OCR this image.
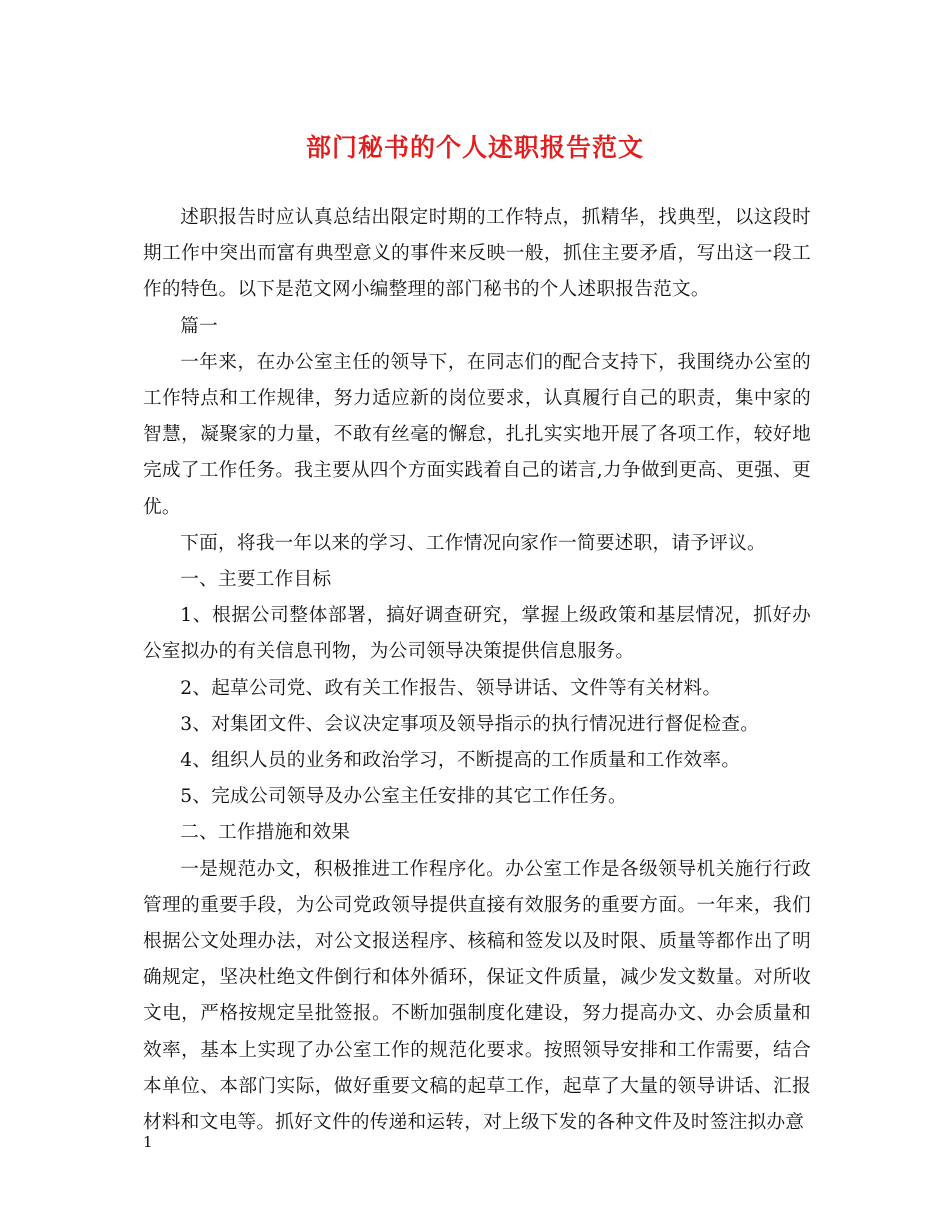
部门秘书的个人述职报告范文

述职报告时应认真总结出限定时期的工作特点，抓精华，找典型，以这段时期工作中突出而富有典型意义的事件来反映一般，抓住主要矛盾，写出这一段工作的特色。以下是范文网小编整理的部门秘书的个人述职报告范文。

篇一

一年来，在办公室主任的领导下，在同志们的配合支持下，我围绕办公室的工作特点和工作规律，努力适应新的岗位要求，认真履行自己的职责，集中家的智慧，凝聚家的力量，不敢有丝毫的懈怠，扎扎实实地开展了各项工作，较好地完成了工作任务。我主要从四个方面实践着自己的诺言,力争做到更高、更强、更优。

下面，将我一年以来的学习、工作情况向家作一简要述职，请予评议。

一、主要工作目标

1、根据公司整体部署，搞好调查研究，掌握上级政策和基层情况，抓好办公室拟办的有关信息刊物，为公司领导决策提供信息服务。

2、起草公司党、政有关工作报告、领导讲话、文件等有关材料。

3、对集团文件、会议决定事项及领导指示的执行情况进行督促检查。

4、组织人员的业务和政治学习，不断提高的工作质量和工作效率。

5、完成公司领导及办公室主任安排的其它工作任务。

二、工作措施和效果

一是规范办文，积极推进工作程序化。办公室工作是各级领导机关施行行政管理的重要手段，为公司党政领导提供直接有效服务的重要方面。一年来，我们根据公文处理办法，对公文报送程序、核稿和签发以及时限、质量等都作出了明确规定，坚决杜绝文件倒行和体外循环，保证文件质量，减少发文数量。对所收文电，严格按规定呈批签报。不断加强制度化建设，努力提高办文、办会质量和效率，基本上实现了办公室工作的规范化要求。按照领导安排和工作需要，结合本单位、本部门实际，做好重要文稿的起草工作，起草了大量的领导讲话、汇报材料和文电等。抓好文件的传递和运转，对上级下发的各种文件及时签注拟办意

1
